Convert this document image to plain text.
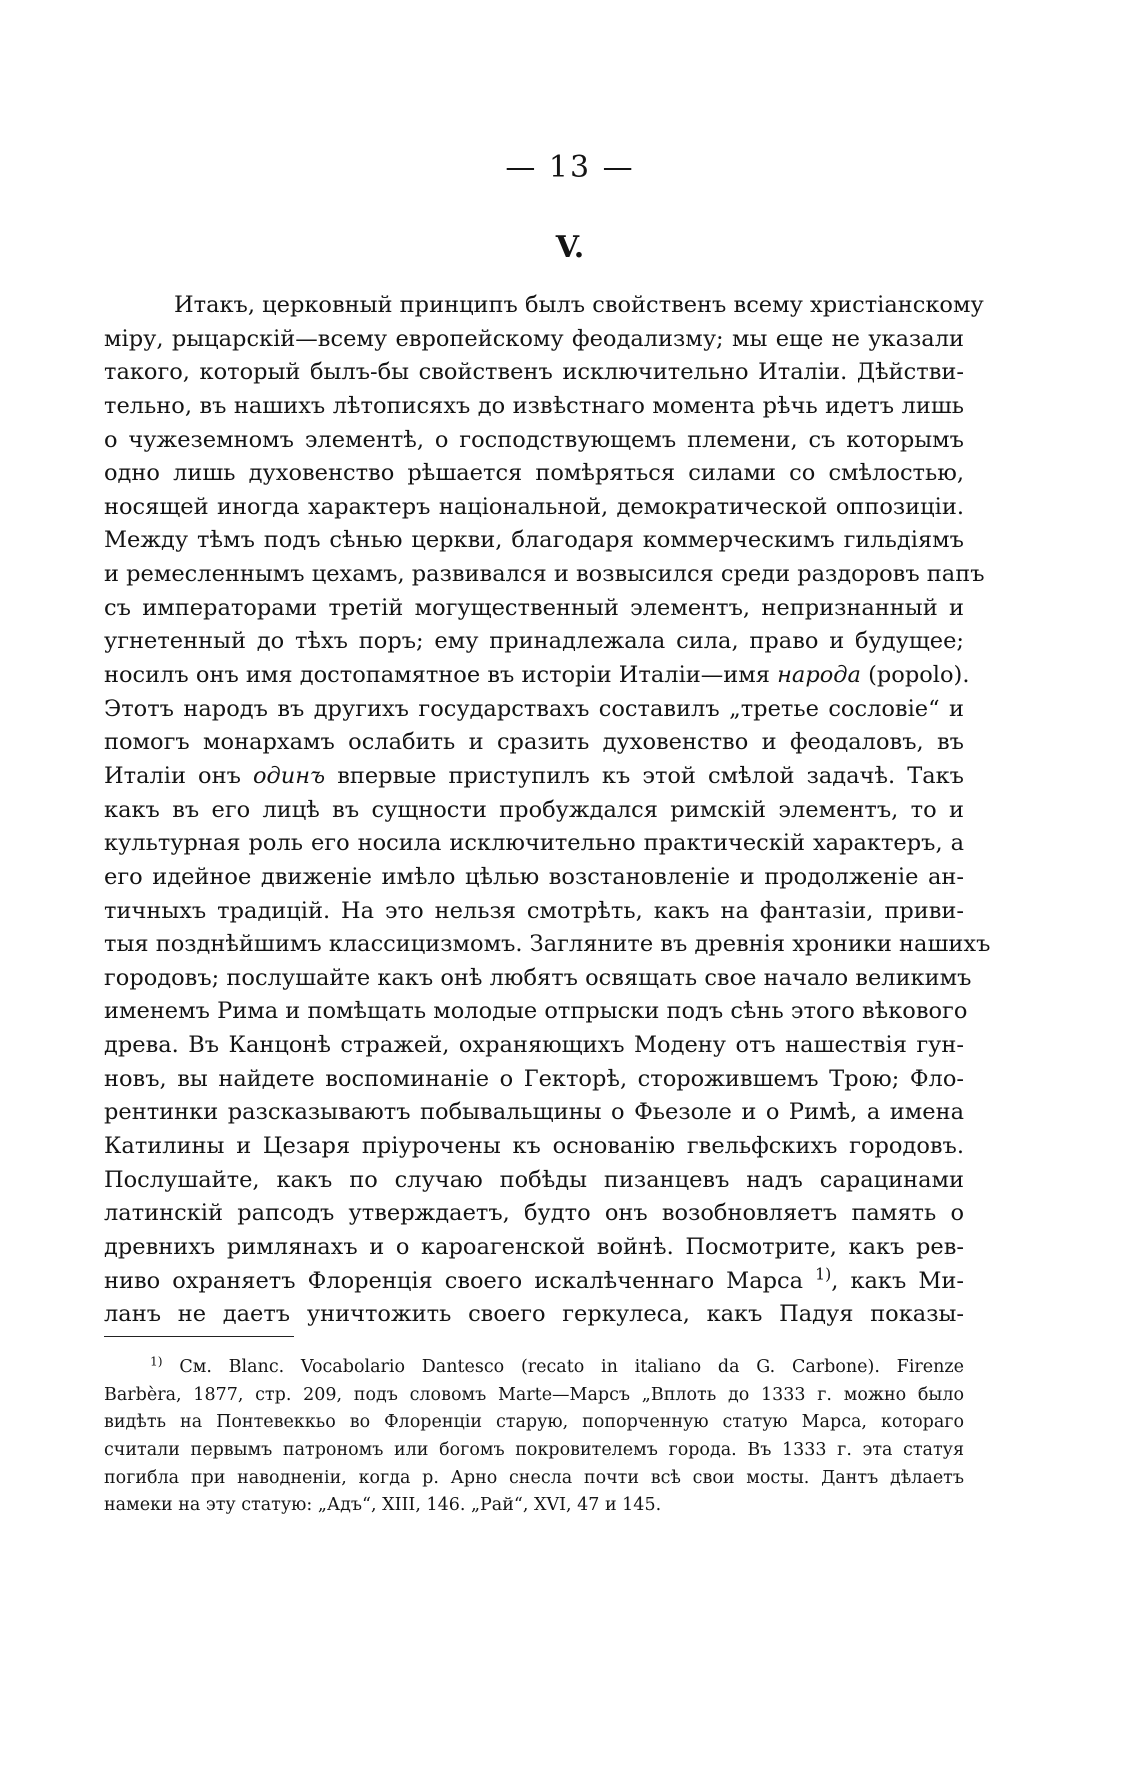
— 13 —
V.
Итакъ, церковный принципъ былъ свойственъ всему христіанскому
міру, рыцарскій—всему европейскому феодализму; мы еще не указали
такого, который былъ-бы свойственъ исключительно Италіи. Дѣйстви-
тельно, въ нашихъ лѣтописяхъ до извѣстнаго момента рѣчь идетъ лишь
о чужеземномъ элементѣ, о господствующемъ племени, съ которымъ
одно лишь духовенство рѣшается помѣряться силами со смѣлостью,
носящей иногда характеръ національной, демократической оппозиціи.
Между тѣмъ подъ сѣнью церкви, благодаря коммерческимъ гильдіямъ
и ремесленнымъ цехамъ, развивался и возвысился среди раздоровъ папъ
съ императорами третій могущественный элементъ, непризнанный и
угнетенный до тѣхъ поръ; ему принадлежала сила, право и будущее;
носилъ онъ имя достопамятное въ исторіи Италіи—имя народа (popolo).
Этотъ народъ въ другихъ государствахъ составилъ „третье сословіе“ и
помогъ монархамъ ослабить и сразить духовенство и феодаловъ, въ
Италіи онъ одинъ впервые приступилъ къ этой смѣлой задачѣ. Такъ
какъ въ его лицѣ въ сущности пробуждался римскій элементъ, то и
культурная роль его носила исключительно практическій характеръ, а
его идейное движеніе имѣло цѣлью возстановленіе и продолженіе ан-
тичныхъ традицій. На это нельзя смотрѣть, какъ на фантазіи, приви-
тыя позднѣйшимъ классицизмомъ. Загляните въ древнія хроники нашихъ
городовъ; послушайте какъ онѣ любятъ освящать свое начало великимъ
именемъ Рима и помѣщать молодые отпрыски подъ сѣнь этого вѣкового
древа. Въ Канцонѣ стражей, охраняющихъ Модену отъ нашествія гун-
новъ, вы найдете воспоминаніе о Гекторѣ, сторожившемъ Трою; Фло-
рентинки разсказываютъ побывальщины о Фьезоле и о Римѣ, а имена
Катилины и Цезаря пріурочены къ основанію гвельфскихъ городовъ.
Послушайте, какъ по случаю побѣды пизанцевъ надъ сарацинами
латинскій рапсодъ утверждаетъ, будто онъ возобновляетъ память о
древнихъ римлянахъ и о кароагенской войнѣ. Посмотрите, какъ рев-
ниво охраняетъ Флоренція своего искалѣченнаго Марса $^{1)}$, какъ Ми-
ланъ не даетъ уничтожить своего геркулеса, какъ Падуя показы-
$^{1)}$ См. Blanc. Vocabolario Dantesco (recato in italiano da G. Carbone). Firenze
Barbèra, 1877, стр. 209, подъ словомъ Marte—Марсъ „Вплоть до 1333 г. можно было
видѣть на Понтевеккьо во Флоренціи старую, попорченную статую Марса, котораго
считали первымъ патрономъ или богомъ покровителемъ города. Въ 1333 г. эта статуя
погибла при наводненіи, когда р. Арно снесла почти всѣ свои мосты. Дантъ дѣлаетъ
намеки на эту статую: „Адъ“, XIII, 146. „Рай“, XVI, 47 и 145.
